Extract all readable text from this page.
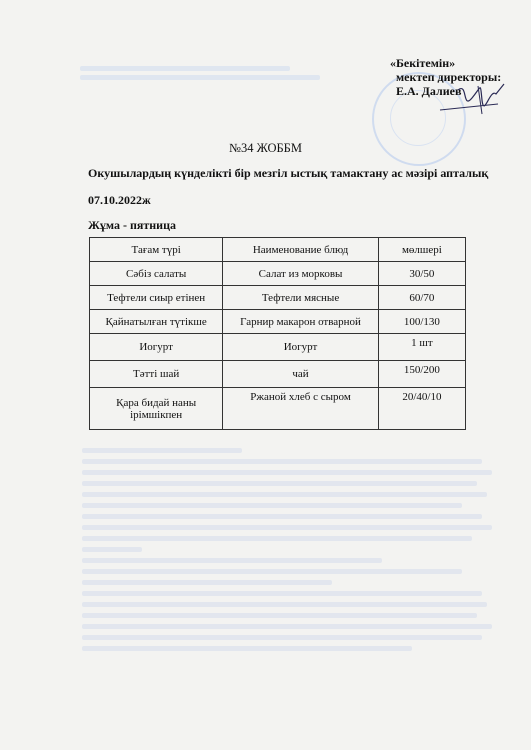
«Бекітемін»
мектеп директоры:
Е.А. Далиев
№34 ЖОББМ
Окушылардың күнделікті бір мезгіл ыстық тамактану ас мәзірі апталық
07.10.2022ж
Жұма - пятница
Тағам түрі	Наименование блюд	мөлшері
Сәбіз салаты	Салат из морковы	30/50
Тефтели сиыр етінен	Тефтели мясные	60/70
Қайнатылған түтікше	Гарнир макарон отварной	100/130
Иогурт	Иогурт	1 шт
Тәтті шай	чай	150/200
Қара бидай наны ірімшікпен	Ржаной хлеб с сыром	20/40/10
